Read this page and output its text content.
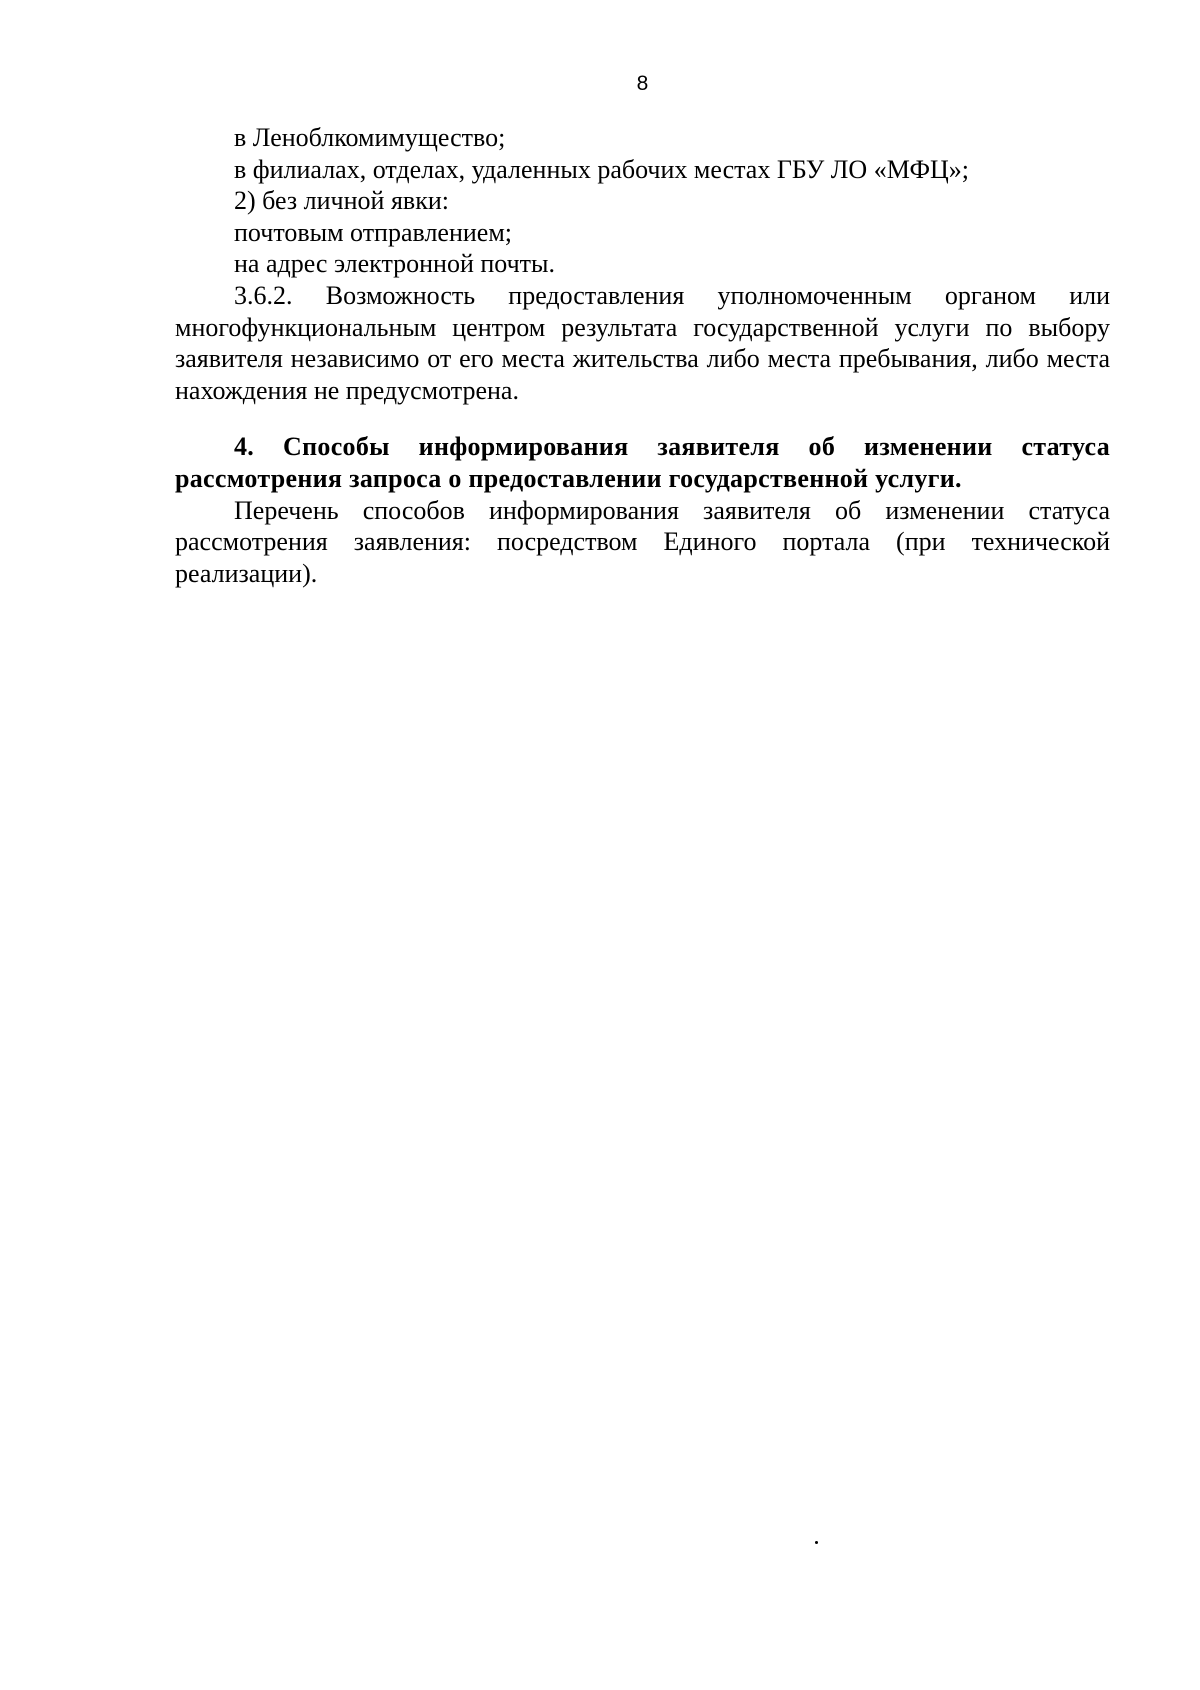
8

в Леноблкомимущество;

в филиалах, отделах, удаленных рабочих местах ГБУ ЛО «МФЦ»;

2) без личной явки:

почтовым отправлением;

на адрес электронной почты.

3.6.2. Возможность предоставления уполномоченным органом или многофункциональным центром результата государственной услуги по выбору заявителя независимо от его места жительства либо места пребывания, либо места нахождения не предусмотрена.

4. Способы информирования заявителя об изменении статуса рассмотрения запроса о предоставлении государственной услуги.

Перечень способов информирования заявителя об изменении статуса рассмотрения заявления: посредством Единого портала (при технической реализации).
